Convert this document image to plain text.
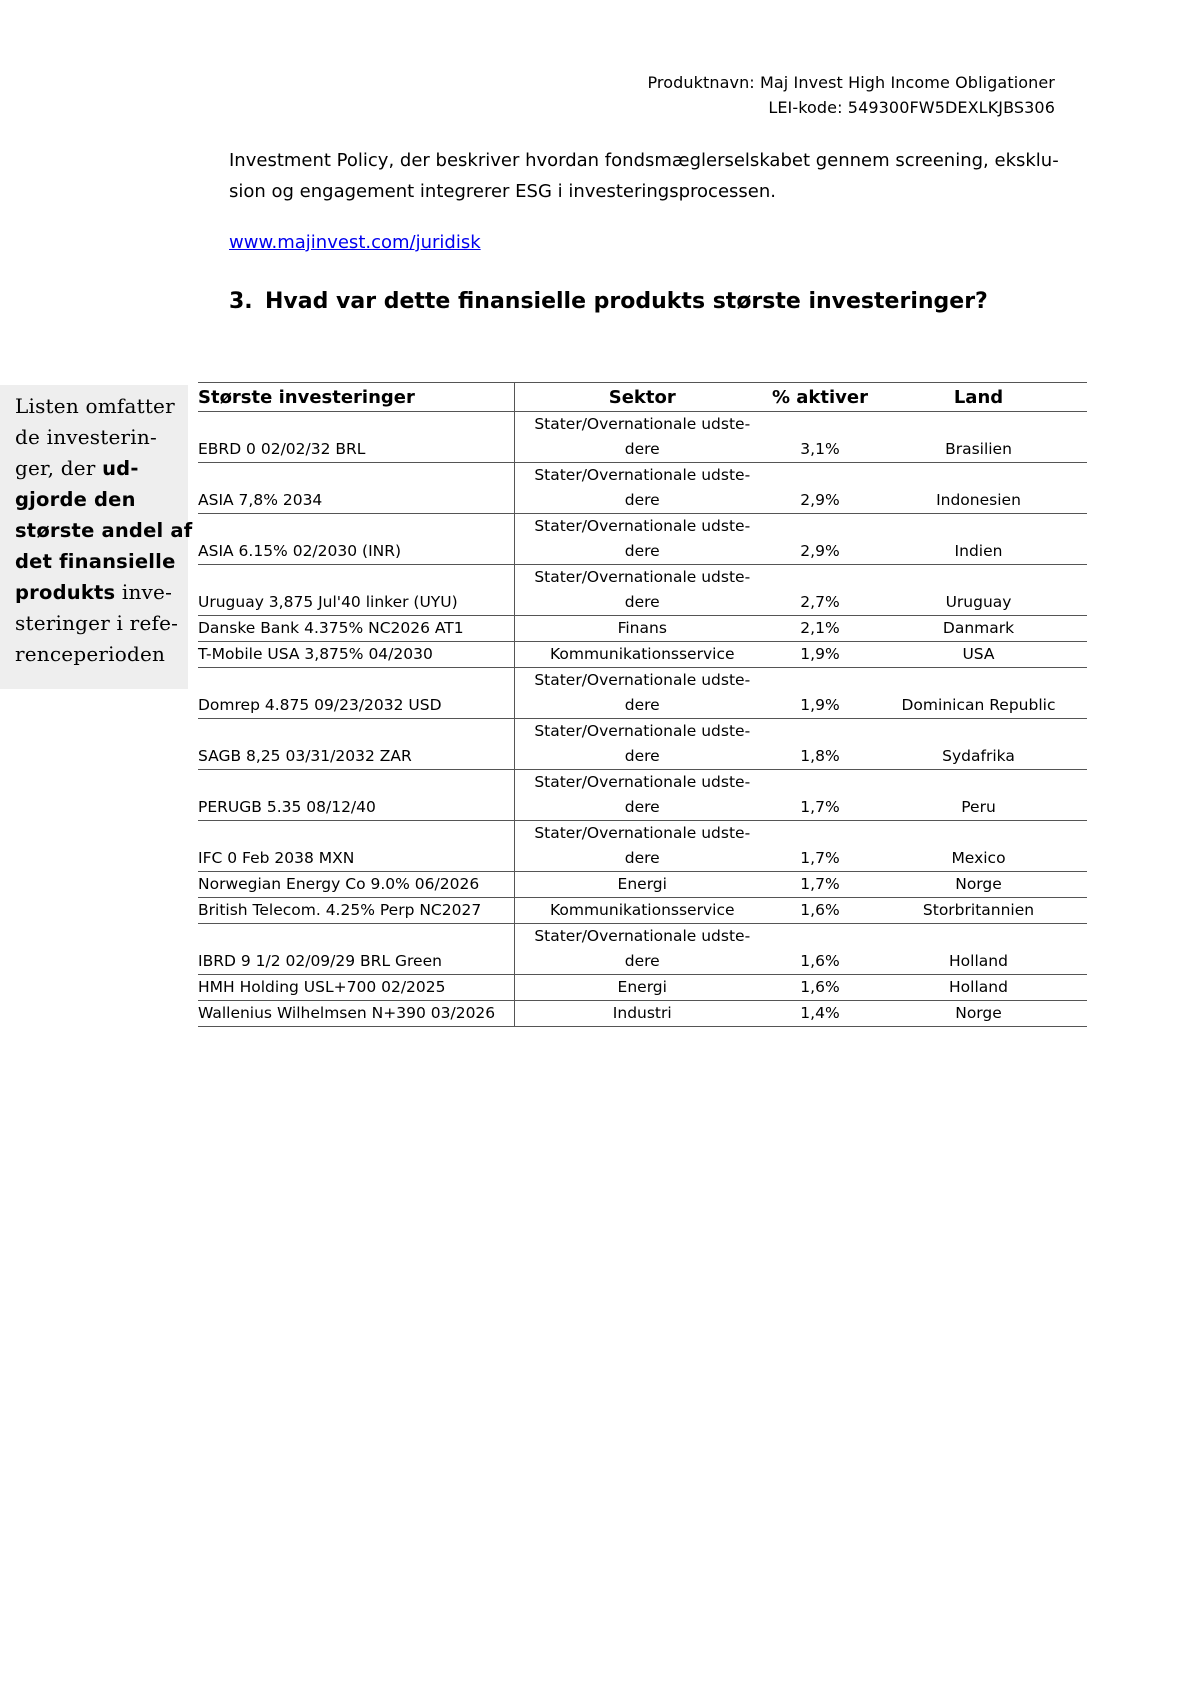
Produktnavn: Maj Invest High Income Obligationer
LEI-kode: 549300FW5DEXLKJBS306

Investment Policy, der beskriver hvordan fondsmæglerselskabet gennem screening, eksklu-
sion og engagement integrerer ESG i investeringsprocessen.

www.majinvest.com/juridisk
3. Hvad var dette finansielle produkts største investeringer?
Listen omfatter
de investerin-
ger, der ud-
gjorde den
største andel af
det finansielle
produkts inve-
steringer i refe-
renceperioden
Største investeringer	Sektor	% aktiver	Land
EBRD 0 02/02/32 BRL	Stater/Overnationale udste-
dere	3,1%	Brasilien
ASIA 7,8% 2034	Stater/Overnationale udste-
dere	2,9%	Indonesien
ASIA 6.15% 02/2030 (INR)	Stater/Overnationale udste-
dere	2,9%	Indien
Uruguay 3,875 Jul'40 linker (UYU)	Stater/Overnationale udste-
dere	2,7%	Uruguay
Danske Bank 4.375% NC2026 AT1	Finans	2,1%	Danmark
T-Mobile USA 3,875% 04/2030	Kommunikationsservice	1,9%	USA
Domrep 4.875 09/23/2032 USD	Stater/Overnationale udste-
dere	1,9%	Dominican Republic
SAGB 8,25 03/31/2032 ZAR	Stater/Overnationale udste-
dere	1,8%	Sydafrika
PERUGB 5.35 08/12/40	Stater/Overnationale udste-
dere	1,7%	Peru
IFC 0 Feb 2038 MXN	Stater/Overnationale udste-
dere	1,7%	Mexico
Norwegian Energy Co 9.0% 06/2026	Energi	1,7%	Norge
British Telecom. 4.25% Perp NC2027	Kommunikationsservice	1,6%	Storbritannien
IBRD 9 1/2 02/09/29 BRL Green	Stater/Overnationale udste-
dere	1,6%	Holland
HMH Holding USL+700 02/2025	Energi	1,6%	Holland
Wallenius Wilhelmsen N+390 03/2026	Industri	1,4%	Norge
